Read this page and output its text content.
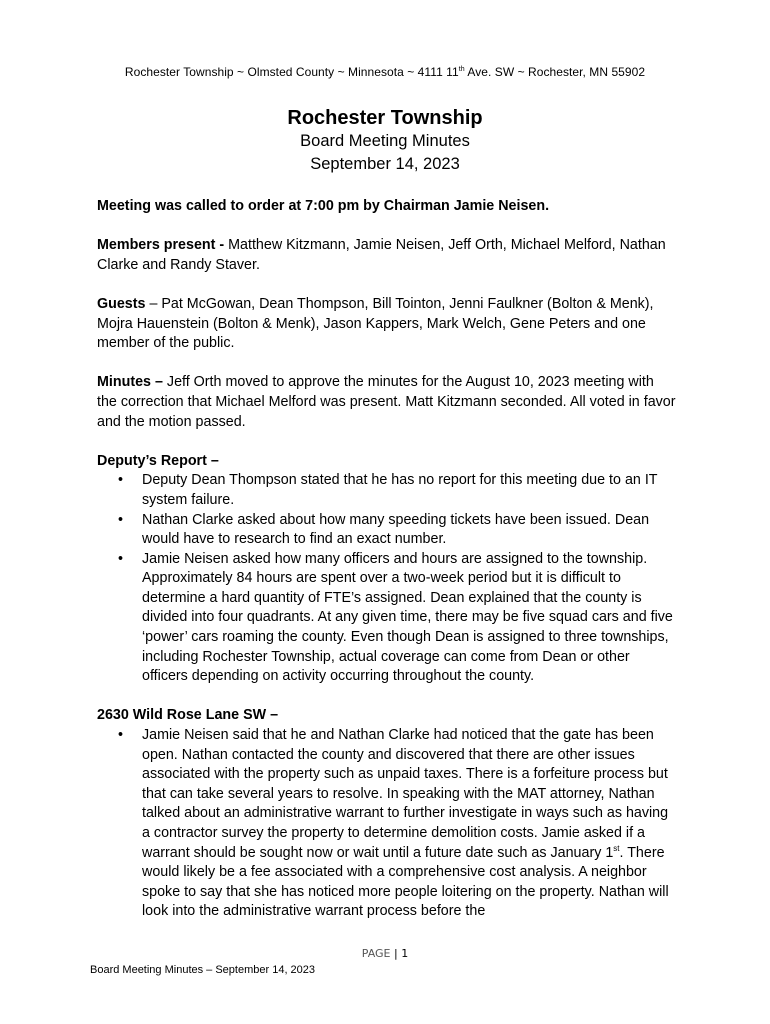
Rochester Township ~ Olmsted County ~ Minnesota ~ 4111 11th Ave. SW ~ Rochester, MN 55902
Rochester Township
Board Meeting Minutes
September 14, 2023

Meeting was called to order at 7:00 pm by Chairman Jamie Neisen.

Members present - Matthew Kitzmann, Jamie Neisen, Jeff Orth, Michael Melford, Nathan Clarke and Randy Staver.

Guests – Pat McGowan, Dean Thompson, Bill Tointon, Jenni Faulkner (Bolton & Menk), Mojra Hauenstein (Bolton & Menk), Jason Kappers, Mark Welch, Gene Peters and one member of the public.

Minutes – Jeff Orth moved to approve the minutes for the August 10, 2023 meeting with the correction that Michael Melford was present. Matt Kitzmann seconded. All voted in favor and the motion passed.

Deputy’s Report –

• Deputy Dean Thompson stated that he has no report for this meeting due to an IT system failure.
• Nathan Clarke asked about how many speeding tickets have been issued. Dean would have to research to find an exact number.
• Jamie Neisen asked how many officers and hours are assigned to the township. Approximately 84 hours are spent over a two-week period but it is difficult to determine a hard quantity of FTE’s assigned. Dean explained that the county is divided into four quadrants. At any given time, there may be five squad cars and five ‘power’ cars roaming the county. Even though Dean is assigned to three townships, including Rochester Township, actual coverage can come from Dean or other officers depending on activity occurring throughout the county.

2630 Wild Rose Lane SW –

• Jamie Neisen said that he and Nathan Clarke had noticed that the gate has been open. Nathan contacted the county and discovered that there are other issues associated with the property such as unpaid taxes. There is a forfeiture process but that can take several years to resolve. In speaking with the MAT attorney, Nathan talked about an administrative warrant to further investigate in ways such as having a contractor survey the property to determine demolition costs. Jamie asked if a warrant should be sought now or wait until a future date such as January 1st. There would likely be a fee associated with a comprehensive cost analysis. A neighbor spoke to say that she has noticed more people loitering on the property. Nathan will look into the administrative warrant process before the
PAGE | 1
Board Meeting Minutes – September 14, 2023
